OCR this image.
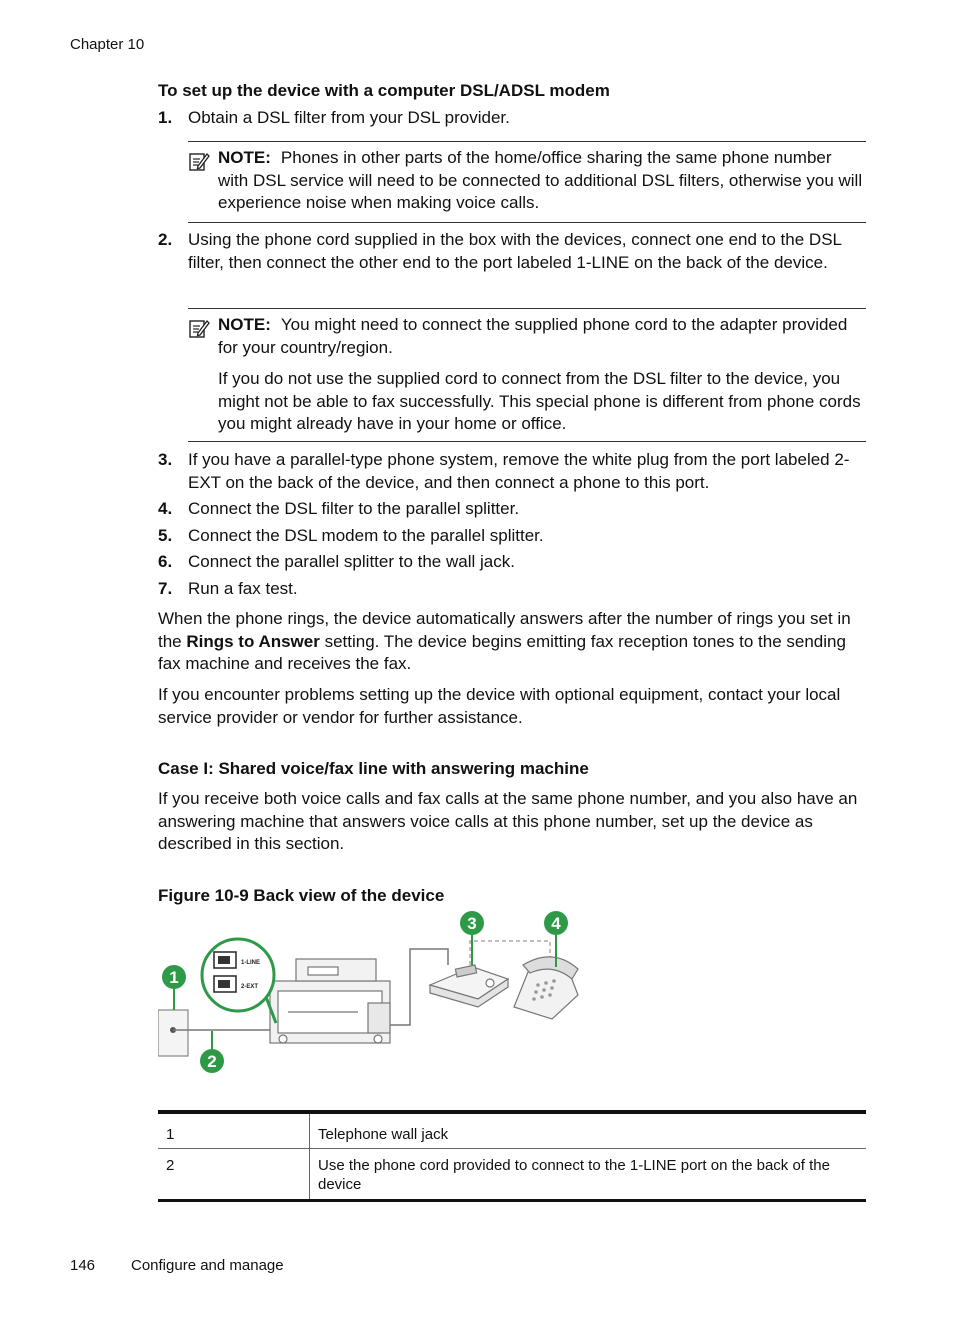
Chapter 10
To set up the device with a computer DSL/ADSL modem
1. Obtain a DSL filter from your DSL provider.
NOTE: Phones in other parts of the home/office sharing the same phone number with DSL service will need to be connected to additional DSL filters, otherwise you will experience noise when making voice calls.
2. Using the phone cord supplied in the box with the devices, connect one end to the DSL filter, then connect the other end to the port labeled 1-LINE on the back of the device.
NOTE: You might need to connect the supplied phone cord to the adapter provided for your country/region.
If you do not use the supplied cord to connect from the DSL filter to the device, you might not be able to fax successfully. This special phone is different from phone cords you might already have in your home or office.
3. If you have a parallel-type phone system, remove the white plug from the port labeled 2-EXT on the back of the device, and then connect a phone to this port.
4. Connect the DSL filter to the parallel splitter.
5. Connect the DSL modem to the parallel splitter.
6. Connect the parallel splitter to the wall jack.
7. Run a fax test.
When the phone rings, the device automatically answers after the number of rings you set in the Rings to Answer setting. The device begins emitting fax reception tones to the sending fax machine and receives the fax.
If you encounter problems setting up the device with optional equipment, contact your local service provider or vendor for further assistance.
Case I: Shared voice/fax line with answering machine
If you receive both voice calls and fax calls at the same phone number, and you also have an answering machine that answers voice calls at this phone number, set up the device as described in this section.
Figure 10-9 Back view of the device
1-LINE
2-EXT
1
2
3	4
1	Telephone wall jack
2	Use the phone cord provided to connect to the 1-LINE port on the back of the device
146 Configure and manage
